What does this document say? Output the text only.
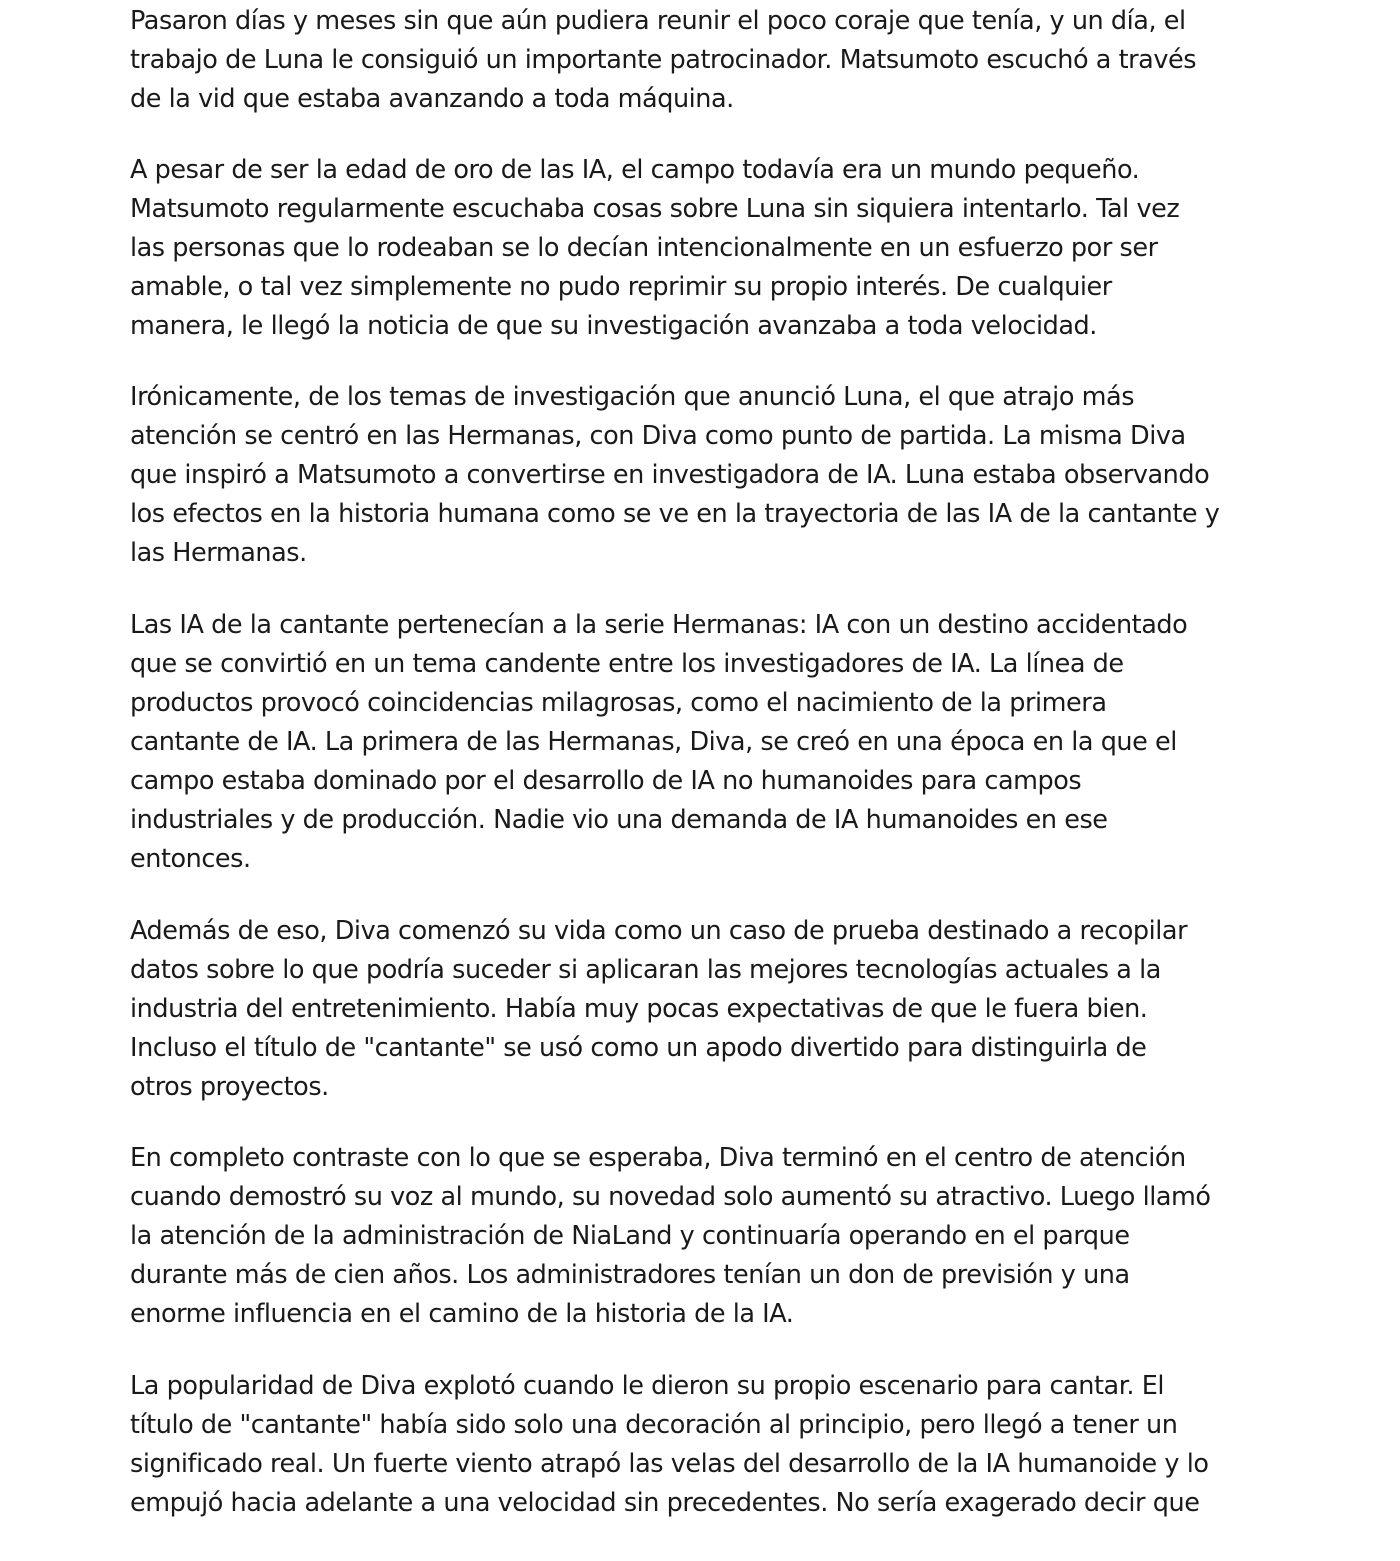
Pasaron días y meses sin que aún pudiera reunir el poco coraje que tenía, y un día, el
trabajo de Luna le consiguió un importante patrocinador. Matsumoto escuchó a través
de la vid que estaba avanzando a toda máquina.

A pesar de ser la edad de oro de las IA, el campo todavía era un mundo pequeño.
Matsumoto regularmente escuchaba cosas sobre Luna sin siquiera intentarlo. Tal vez
las personas que lo rodeaban se lo decían intencionalmente en un esfuerzo por ser
amable, o tal vez simplemente no pudo reprimir su propio interés. De cualquier
manera, le llegó la noticia de que su investigación avanzaba a toda velocidad.

Irónicamente, de los temas de investigación que anunció Luna, el que atrajo más
atención se centró en las Hermanas, con Diva como punto de partida. La misma Diva
que inspiró a Matsumoto a convertirse en investigadora de IA. Luna estaba observando
los efectos en la historia humana como se ve en la trayectoria de las IA de la cantante y
las Hermanas.

Las IA de la cantante pertenecían a la serie Hermanas: IA con un destino accidentado
que se convirtió en un tema candente entre los investigadores de IA. La línea de
productos provocó coincidencias milagrosas, como el nacimiento de la primera
cantante de IA. La primera de las Hermanas, Diva, se creó en una época en la que el
campo estaba dominado por el desarrollo de IA no humanoides para campos
industriales y de producción. Nadie vio una demanda de IA humanoides en ese
entonces.

Además de eso, Diva comenzó su vida como un caso de prueba destinado a recopilar
datos sobre lo que podría suceder si aplicaran las mejores tecnologías actuales a la
industria del entretenimiento. Había muy pocas expectativas de que le fuera bien.
Incluso el título de "cantante" se usó como un apodo divertido para distinguirla de
otros proyectos.

En completo contraste con lo que se esperaba, Diva terminó en el centro de atención
cuando demostró su voz al mundo, su novedad solo aumentó su atractivo. Luego llamó
la atención de la administración de NiaLand y continuaría operando en el parque
durante más de cien años. Los administradores tenían un don de previsión y una
enorme influencia en el camino de la historia de la IA.

La popularidad de Diva explotó cuando le dieron su propio escenario para cantar. El
título de "cantante" había sido solo una decoración al principio, pero llegó a tener un
significado real. Un fuerte viento atrapó las velas del desarrollo de la IA humanoide y lo
empujó hacia adelante a una velocidad sin precedentes. No sería exagerado decir que
